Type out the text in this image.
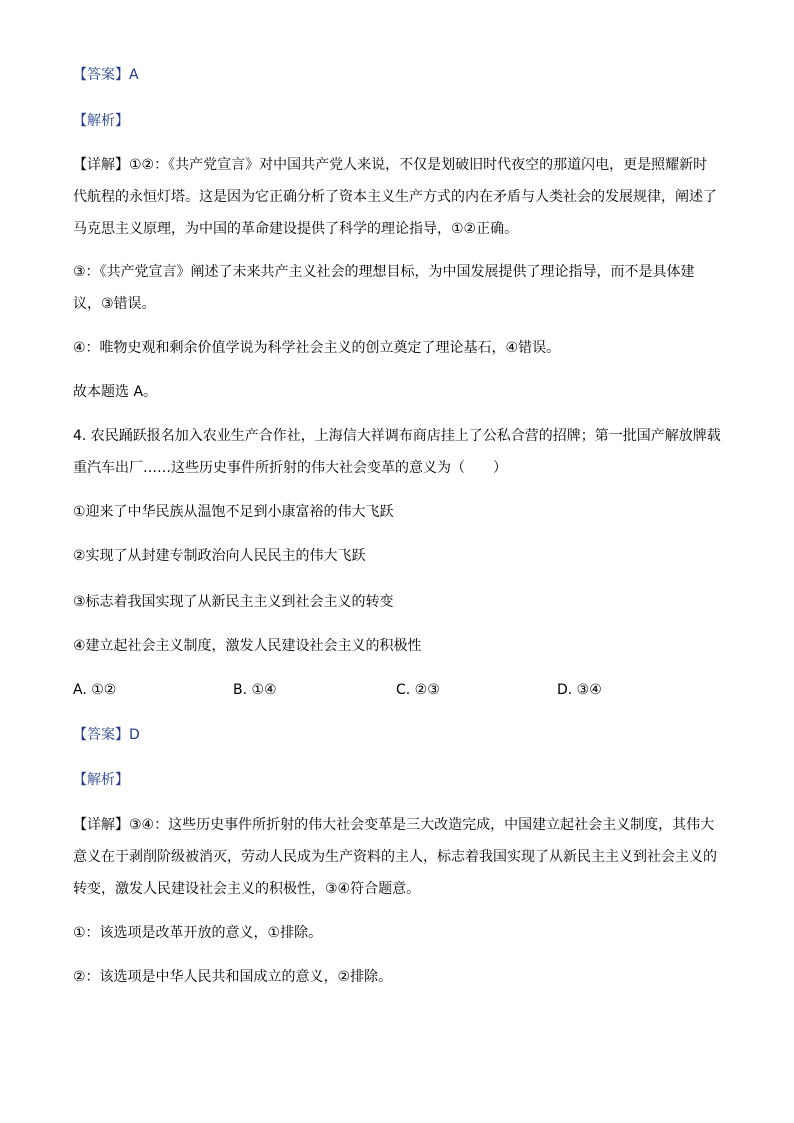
【答案】A
【解析】
【详解】①②：《共产党宣言》对中国共产党人来说，不仅是划破旧时代夜空的那道闪电，更是照耀新时
代航程的永恒灯塔。这是因为它正确分析了资本主义生产方式的内在矛盾与人类社会的发展规律，阐述了
马克思主义原理，为中国的革命建设提供了科学的理论指导，①②正确。
③：《共产党宣言》阐述了未来共产主义社会的理想目标，为中国发展提供了理论指导，而不是具体建
议，③错误。
④：唯物史观和剩余价值学说为科学社会主义的创立奠定了理论基石，④错误。
故本题选 A。
4. 农民踊跃报名加入农业生产合作社，上海信大祥调布商店挂上了公私合营的招牌；第一批国产解放牌载
重汽车出厂……这些历史事件所折射的伟大社会变革的意义为（　　）
①迎来了中华民族从温饱不足到小康富裕的伟大飞跃
②实现了从封建专制政治向人民民主的伟大飞跃
③标志着我国实现了从新民主主义到社会主义的转变
④建立起社会主义制度，激发人民建设社会主义的积极性
A. ①②	B. ①④	C. ②③	D. ③④
【答案】D
【解析】
【详解】③④：这些历史事件所折射的伟大社会变革是三大改造完成，中国建立起社会主义制度，其伟大
意义在于剥削阶级被消灭，劳动人民成为生产资料的主人，标志着我国实现了从新民主主义到社会主义的
转变，激发人民建设社会主义的积极性，③④符合题意。
①：该选项是改革开放的意义，①排除。
②：该选项是中华人民共和国成立的意义，②排除。
